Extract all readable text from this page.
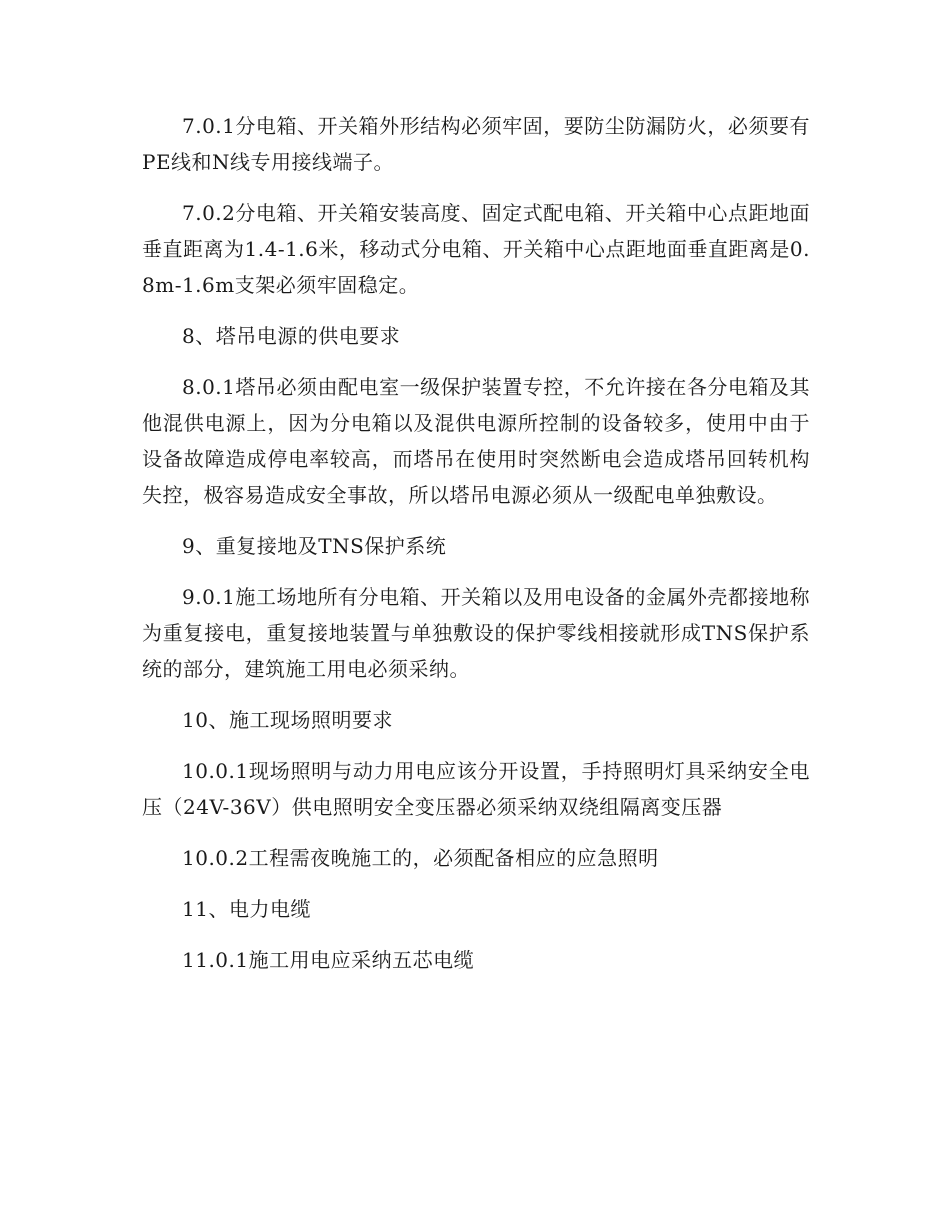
7.0.1分电箱、开关箱外形结构必须牢固，要防尘防漏防火，必须要有PE线和N线专用接线端子。

7.0.2分电箱、开关箱安装高度、固定式配电箱、开关箱中心点距地面垂直距离为1.4-1.6米，移动式分电箱、开关箱中心点距地面垂直距离是0.8m-1.6m支架必须牢固稳定。

8、塔吊电源的供电要求

8.0.1塔吊必须由配电室一级保护装置专控，不允许接在各分电箱及其他混供电源上，因为分电箱以及混供电源所控制的设备较多，使用中由于设备故障造成停电率较高，而塔吊在使用时突然断电会造成塔吊回转机构失控，极容易造成安全事故，所以塔吊电源必须从一级配电单独敷设。

9、重复接地及TNS保护系统

9.0.1施工场地所有分电箱、开关箱以及用电设备的金属外壳都接地称为重复接电，重复接地装置与单独敷设的保护零线相接就形成TNS保护系统的部分，建筑施工用电必须采纳。

10、施工现场照明要求

10.0.1现场照明与动力用电应该分开设置，手持照明灯具采纳安全电压（24V-36V）供电照明安全变压器必须采纳双绕组隔离变压器

10.0.2工程需夜晚施工的，必须配备相应的应急照明

11、电力电缆

11.0.1施工用电应采纳五芯电缆
